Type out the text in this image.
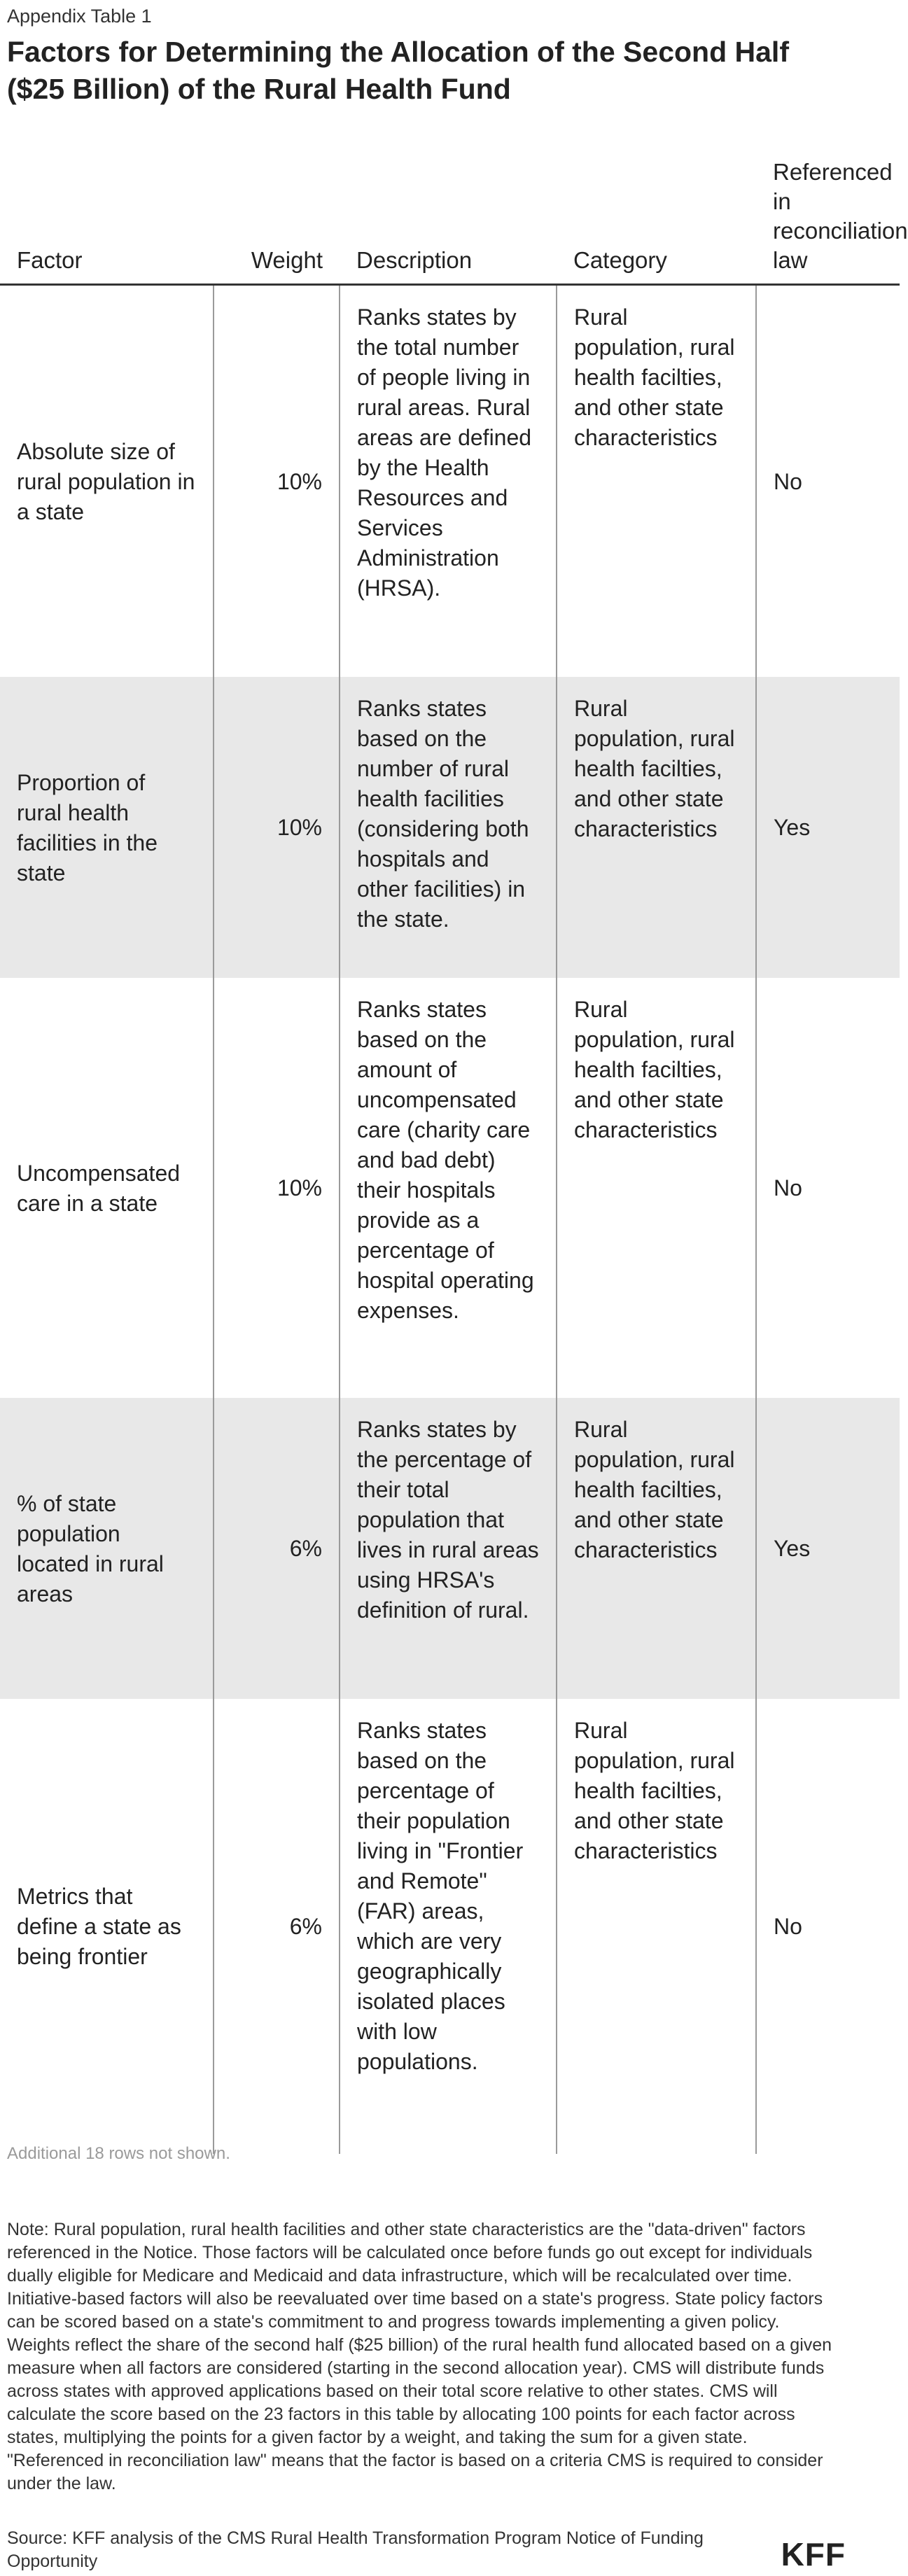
Appendix Table 1

Factors for Determining the Allocation of the Second Half ($25 Billion) of the Rural Health Fund
Factor	Weight	Description	Category	Referenced in reconciliation law
Absolute size of rural population in a state	10%	Ranks states by the total number of people living in rural areas. Rural areas are defined by the Health Resources and Services Administration (HRSA).	Rural population, rural health facilties, and other state characteristics	No
Proportion of rural health facilities in the state	10%	Ranks states based on the number of rural health facilities (considering both hospitals and other facilities) in the state.	Rural population, rural health facilties, and other state characteristics	Yes
Uncompensated care in a state	10%	Ranks states based on the amount of uncompensated care (charity care and bad debt) their hospitals provide as a percentage of hospital operating expenses.	Rural population, rural health facilties, and other state characteristics	No
% of state population located in rural areas	6%	Ranks states by the percentage of their total population that lives in rural areas using HRSA's definition of rural.	Rural population, rural health facilties, and other state characteristics	Yes
Metrics that define a state as being frontier	6%	Ranks states based on the percentage of their population living in "Frontier and Remote" (FAR) areas, which are very geographically isolated places with low populations.	Rural population, rural health facilties, and other state characteristics	No

Additional 18 rows not shown.

Note: Rural population, rural health facilities and other state characteristics are the "data-driven" factors referenced in the Notice. Those factors will be calculated once before funds go out except for individuals dually eligible for Medicare and Medicaid and data infrastructure, which will be recalculated over time. Initiative-based factors will also be reevaluated over time based on a state's progress. State policy factors can be scored based on a state's commitment to and progress towards implementing a given policy. Weights reflect the share of the second half ($25 billion) of the rural health fund allocated based on a given measure when all factors are considered (starting in the second allocation year). CMS will distribute funds across states with approved applications based on their total score relative to other states. CMS will calculate the score based on the 23 factors in this table by allocating 100 points for each factor across states, multiplying the points for a given factor by a weight, and taking the sum for a given state. "Referenced in reconciliation law" means that the factor is based on a criteria CMS is required to consider under the law.

Source: KFF analysis of the CMS Rural Health Transformation Program Notice of Funding Opportunity	KFF
